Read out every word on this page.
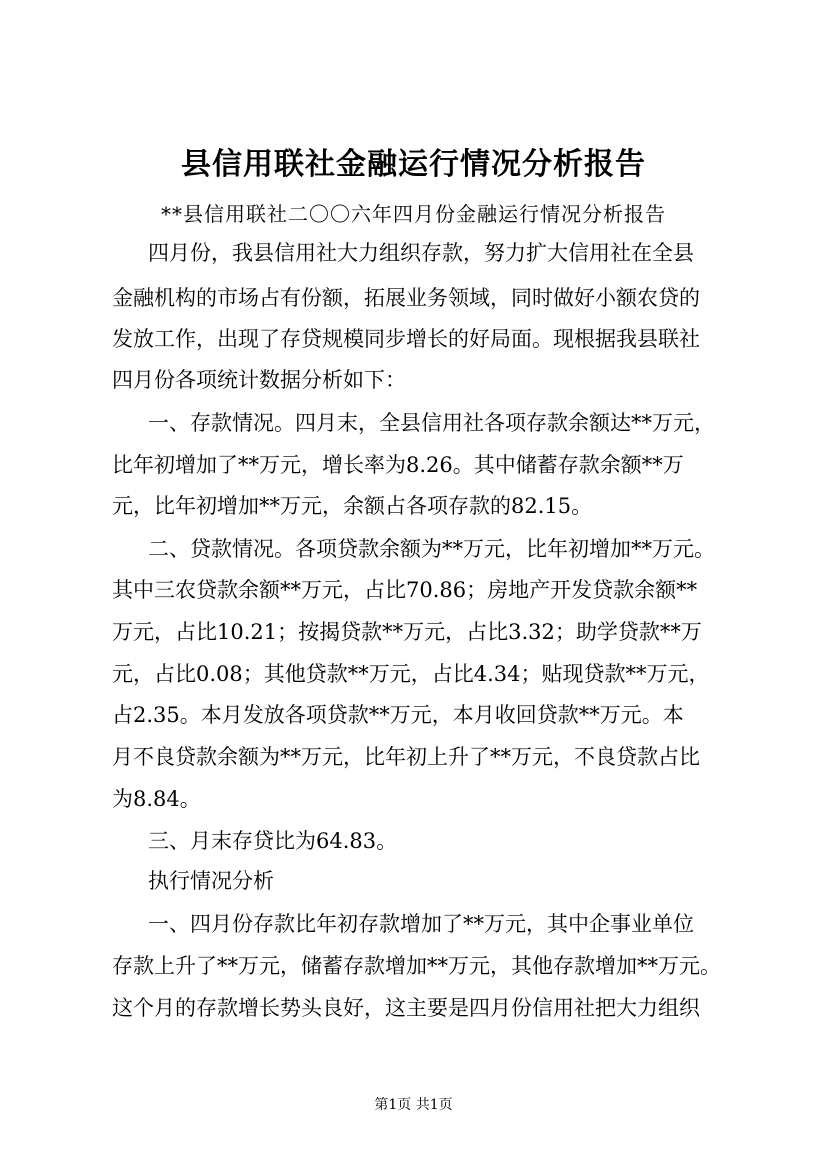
县信用联社金融运行情况分析报告
**县信用联社二〇〇六年四月份金融运行情况分析报告
四月份，我县信用社大力组织存款，努力扩大信用社在全县
金融机构的市场占有份额，拓展业务领域，同时做好小额农贷的
发放工作，出现了存贷规模同步增长的好局面。现根据我县联社
四月份各项统计数据分析如下：
一、存款情况。四月末，全县信用社各项存款余额达**万元，
比年初增加了**万元，增长率为8.26。其中储蓄存款余额**万
元，比年初增加**万元，余额占各项存款的82.15。
二、贷款情况。各项贷款余额为**万元，比年初增加**万元。
其中三农贷款余额**万元，占比70.86；房地产开发贷款余额**
万元，占比10.21；按揭贷款**万元，占比3.32；助学贷款**万
元，占比0.08；其他贷款**万元，占比4.34；贴现贷款**万元，
占2.35。本月发放各项贷款**万元，本月收回贷款**万元。本
月不良贷款余额为**万元，比年初上升了**万元，不良贷款占比
为8.84。
三、月末存贷比为64.83。
执行情况分析
一、四月份存款比年初存款增加了**万元，其中企事业单位
存款上升了**万元，储蓄存款增加**万元，其他存款增加**万元。
这个月的存款增长势头良好，这主要是四月份信用社把大力组织
第1页 共1页
